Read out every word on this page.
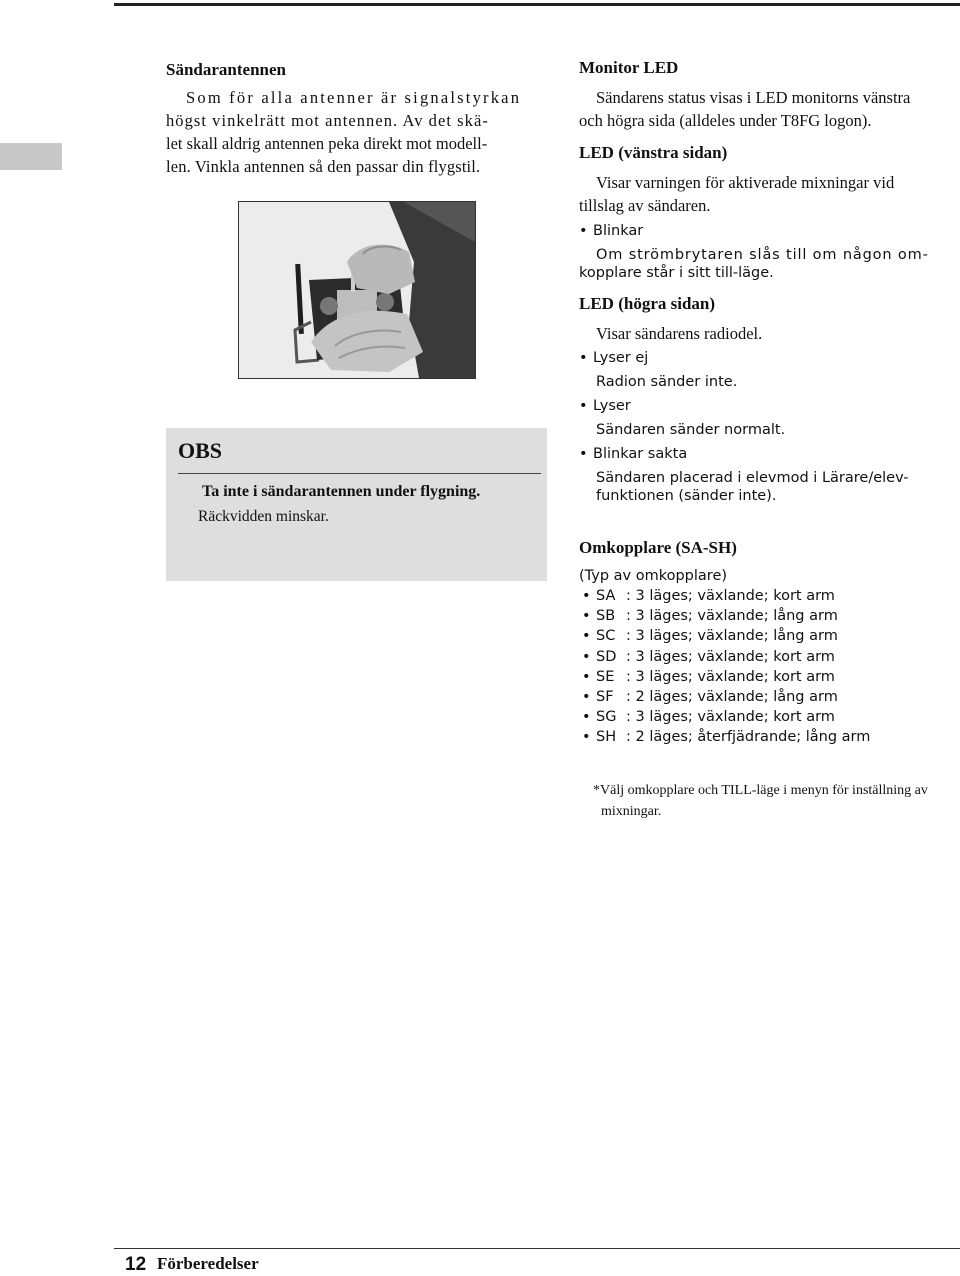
Sändarantennen

Som för alla antenner är signalstyrkan

högst vinkelrätt mot antennen. Av det skä-

let skall aldrig antennen peka direkt mot modell-

len. Vinkla antennen så den passar din flygstil.

OBS
Ta inte i sändarantennen under flygning.
Räckvidden minskar.

Monitor LED

Sändarens status visas i LED monitorns vänstra

och högra sida (alldeles under T8FG logon).

LED (vänstra sidan)

Visar varningen för aktiverade mixningar vid

tillslag av sändaren.

• Blinkar

Om strömbrytaren slås till om någon om-

kopplare står i sitt till-läge.

LED (högra sidan)

Visar sändarens radiodel.

• Lyser ej

Radion sänder inte.

• Lyser

Sändaren sänder normalt.

• Blinkar sakta

Sändaren placerad i elevmod i Lärare/elev-

funktionen (sänder inte).

Omkopplare (SA-SH)

(Typ av omkopplare)

• SA : 3 läges; växlande; kort arm
• SB : 3 läges; växlande; lång arm
• SC : 3 läges; växlande; lång arm
• SD : 3 läges; växlande; kort arm
• SE : 3 läges; växlande; kort arm
• SF : 2 läges; växlande; lång arm
• SG : 3 läges; växlande; kort arm
• SH : 2 läges; återfjädrande; lång arm

*Välj omkopplare och TILL-läge i menyn för inställning av

mixningar.

12 Förberedelser
